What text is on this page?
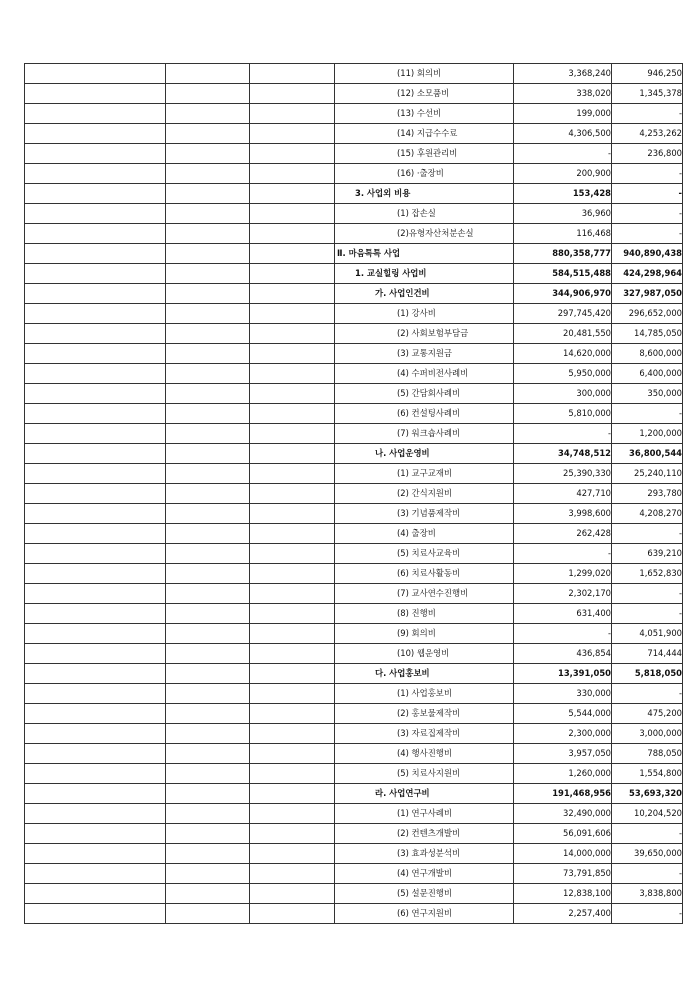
			(11) 회의비	3,368,240	946,250
			(12) 소모품비	338,020	1,345,378
			(13) 수선비	199,000	-
			(14) 지급수수료	4,306,500	4,253,262
			(15) 후원관리비	-	236,800
			(16) ·출장비	200,900	-
			3. 사업외 비용	153,428	-
			(1) 잡손실	36,960	-
			(2)유형자산처분손실	116,468	-
			Ⅱ. 마음톡톡 사업	880,358,777	940,890,438
			1. 교실힐링 사업비	584,515,488	424,298,964
			가. 사업인건비	344,906,970	327,987,050
			(1) 강사비	297,745,420	296,652,000
			(2) 사회보험부담금	20,481,550	14,785,050
			(3) 교통지원금	14,620,000	8,600,000
			(4) 수퍼비전사례비	5,950,000	6,400,000
			(5) 간담회사례비	300,000	350,000
			(6) 컨설팅사례비	5,810,000	-
			(7) 워크숍사례비	-	1,200,000
			나. 사업운영비	34,748,512	36,800,544
			(1) 교구교재비	25,390,330	25,240,110
			(2) 간식지원비	427,710	293,780
			(3) 기념품제작비	3,998,600	4,208,270
			(4) 출장비	262,428	-
			(5) 치료사교육비	-	639,210
			(6) 치료사활동비	1,299,020	1,652,830
			(7) 교사연수진행비	2,302,170	-
			(8) 진행비	631,400	-
			(9) 회의비	-	4,051,900
			(10) 웹운영비	436,854	714,444
			다. 사업홍보비	13,391,050	5,818,050
			(1) 사업홍보비	330,000	-
			(2) 홍보물제작비	5,544,000	475,200
			(3) 자료집제작비	2,300,000	3,000,000
			(4) 행사진행비	3,957,050	788,050
			(5) 치료사지원비	1,260,000	1,554,800
			라. 사업연구비	191,468,956	53,693,320
			(1) 연구사례비	32,490,000	10,204,520
			(2) 컨텐츠개발비	56,091,606	-
			(3) 효과성분석비	14,000,000	39,650,000
			(4) 연구개발비	73,791,850	-
			(5) 설문진행비	12,838,100	3,838,800
			(6) 연구지원비	2,257,400	-
